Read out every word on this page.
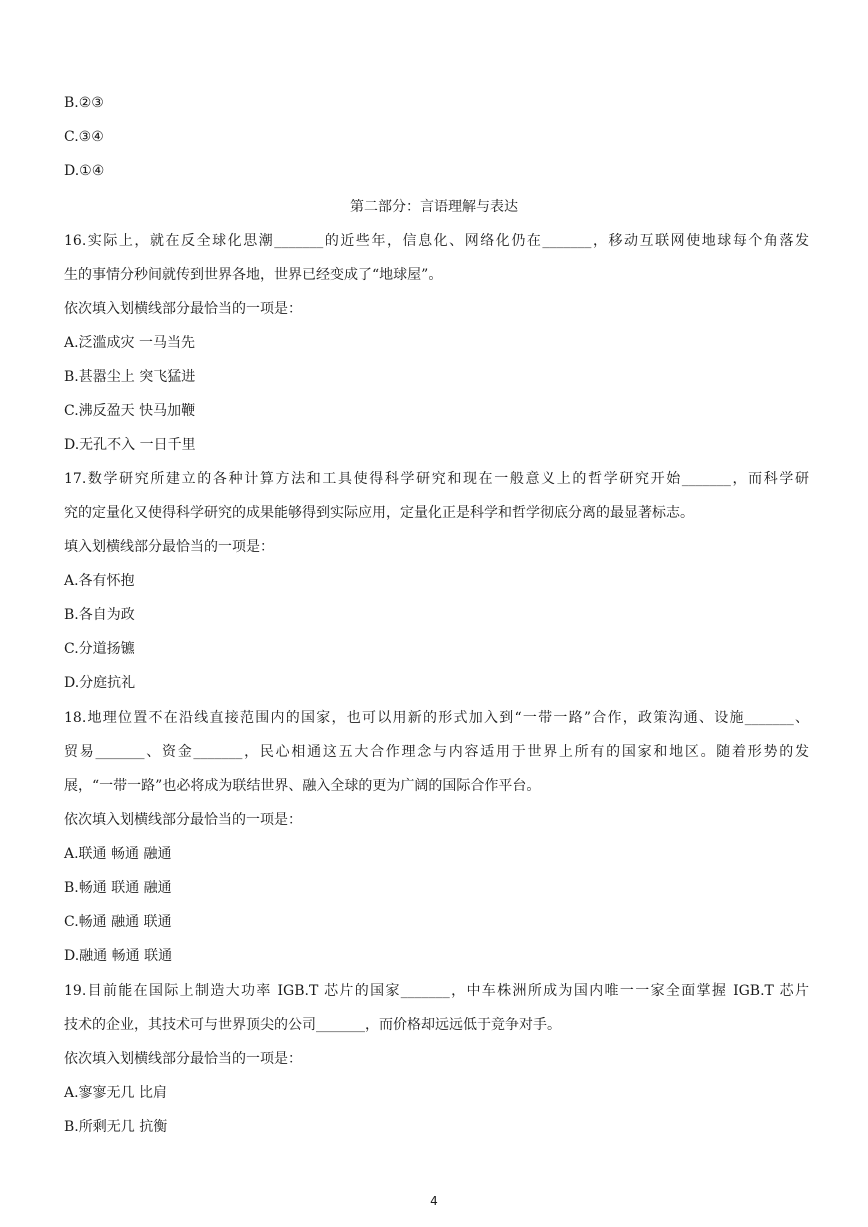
B.②③
C.③④
D.①④
第二部分：言语理解与表达
16.实际上，就在反全球化思潮_______的近些年，信息化、网络化仍在_______，移动互联网使地球每个角落发
生的事情分秒间就传到世界各地，世界已经变成了“地球屋”。
依次填入划横线部分最恰当的一项是：
A.泛滥成灾 一马当先
B.甚嚣尘上 突飞猛进
C.沸反盈天 快马加鞭
D.无孔不入 一日千里
17.数学研究所建立的各种计算方法和工具使得科学研究和现在一般意义上的哲学研究开始_______，而科学研
究的定量化又使得科学研究的成果能够得到实际应用，定量化正是科学和哲学彻底分离的最显著标志。
填入划横线部分最恰当的一项是：
A.各有怀抱
B.各自为政
C.分道扬镳
D.分庭抗礼
18.地理位置不在沿线直接范围内的国家，也可以用新的形式加入到“一带一路”合作，政策沟通、设施_______、
贸易_______、资金_______，民心相通这五大合作理念与内容适用于世界上所有的国家和地区。随着形势的发
展，“一带一路”也必将成为联结世界、融入全球的更为广阔的国际合作平台。
依次填入划横线部分最恰当的一项是：
A.联通 畅通 融通
B.畅通 联通 融通
C.畅通 融通 联通
D.融通 畅通 联通
19.目前能在国际上制造大功率 IGB.T 芯片的国家_______，中车株洲所成为国内唯一一家全面掌握 IGB.T 芯片
技术的企业，其技术可与世界顶尖的公司_______，而价格却远远低于竞争对手。
依次填入划横线部分最恰当的一项是：
A.寥寥无几 比肩
B.所剩无几 抗衡
4
